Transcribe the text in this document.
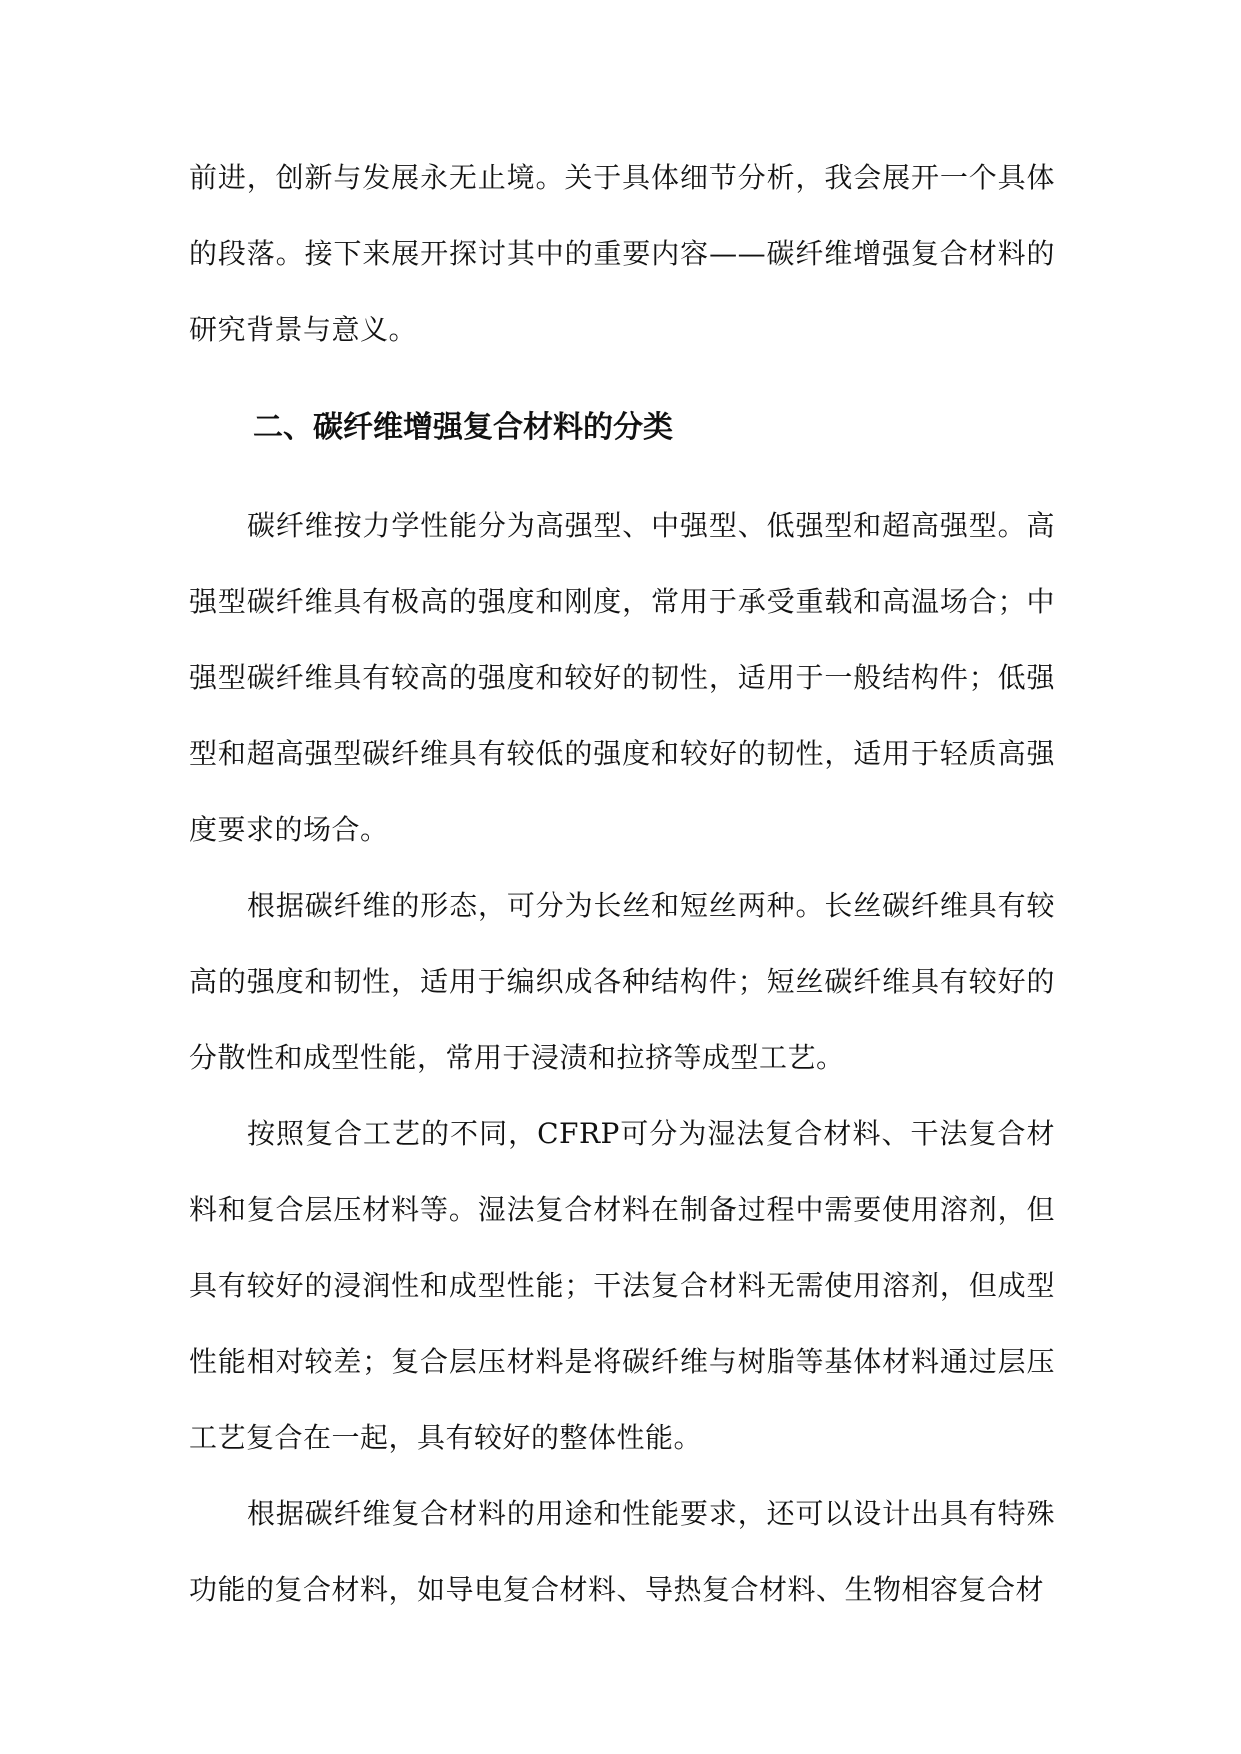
前进，创新与发展永无止境。关于具体细节分析，我会展开一个具体的段落。接下来展开探讨其中的重要内容——碳纤维增强复合材料的研究背景与意义。

二、碳纤维增强复合材料的分类

碳纤维按力学性能分为高强型、中强型、低强型和超高强型。高强型碳纤维具有极高的强度和刚度，常用于承受重载和高温场合；中强型碳纤维具有较高的强度和较好的韧性，适用于一般结构件；低强型和超高强型碳纤维具有较低的强度和较好的韧性，适用于轻质高强度要求的场合。

根据碳纤维的形态，可分为长丝和短丝两种。长丝碳纤维具有较高的强度和韧性，适用于编织成各种结构件；短丝碳纤维具有较好的分散性和成型性能，常用于浸渍和拉挤等成型工艺。

按照复合工艺的不同，CFRP可分为湿法复合材料、干法复合材料和复合层压材料等。湿法复合材料在制备过程中需要使用溶剂，但具有较好的浸润性和成型性能；干法复合材料无需使用溶剂，但成型性能相对较差；复合层压材料是将碳纤维与树脂等基体材料通过层压工艺复合在一起，具有较好的整体性能。

根据碳纤维复合材料的用途和性能要求，还可以设计出具有特殊功能的复合材料，如导电复合材料、导热复合材料、生物相容复合材
